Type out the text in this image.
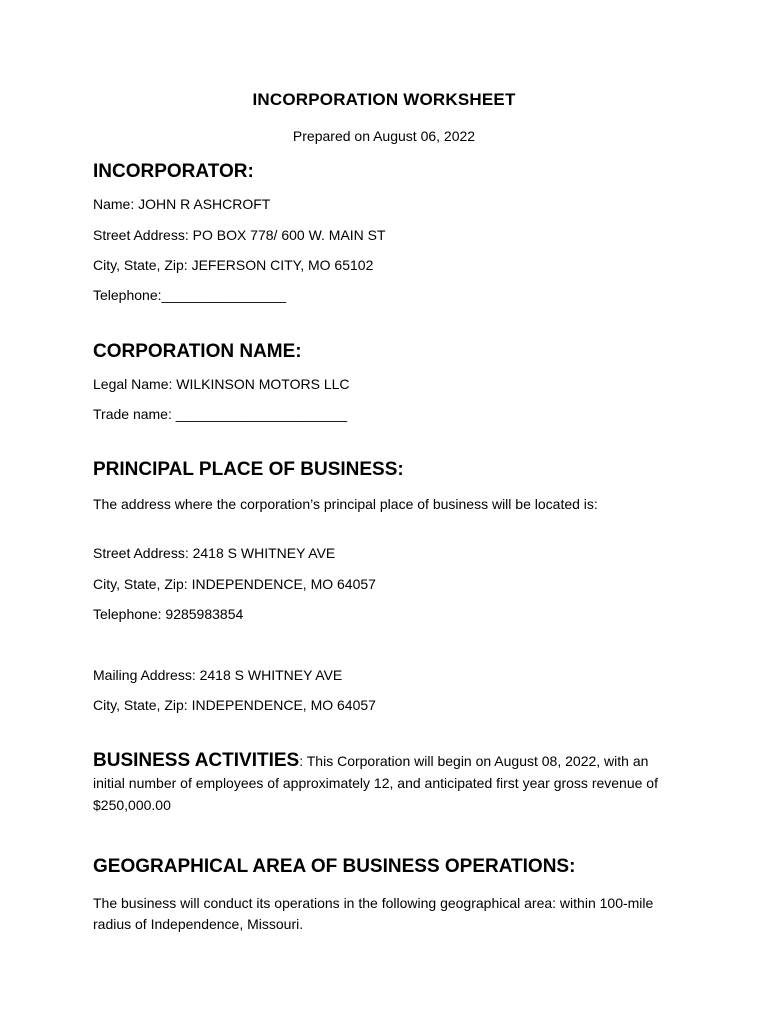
INCORPORATION WORKSHEET
Prepared on August 06, 2022
INCORPORATOR:
Name: JOHN R ASHCROFT
Street Address: PO BOX 778/ 600 W. MAIN ST
City, State, Zip: JEFERSON CITY, MO 65102
Telephone:________________
CORPORATION NAME:
Legal Name: WILKINSON MOTORS LLC
Trade name: ______________________
PRINCIPAL PLACE OF BUSINESS:
The address where the corporation’s principal place of business will be located is:
Street Address: 2418 S WHITNEY AVE
City, State, Zip: INDEPENDENCE, MO 64057
Telephone: 9285983854
Mailing Address: 2418 S WHITNEY AVE
City, State, Zip: INDEPENDENCE, MO 64057
BUSINESS ACTIVITIES: This Corporation will begin on August 08, 2022, with an initial number of employees of approximately 12, and anticipated first year gross revenue of $250,000.00
GEOGRAPHICAL AREA OF BUSINESS OPERATIONS:
The business will conduct its operations in the following geographical area: within 100-mile radius of Independence, Missouri.
